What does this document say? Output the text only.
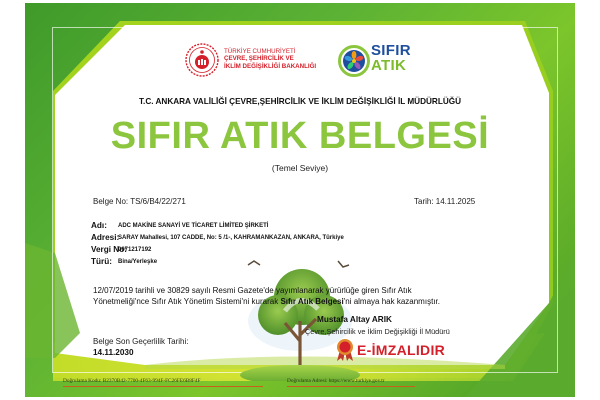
TÜRKİYE CUMHURİYETİ
ÇEVRE, ŞEHİRCİLİK VE
İKLİM DEĞİŞİKLİĞİ BAKANLIĞI
SIFIR
ATIK
T.C. ANKARA VALİLİĞİ ÇEVRE,ŞEHİRCİLİK VE İKLİM DEĞİŞİKLİĞİ İL MÜDÜRLÜĞÜ
SIFIR ATIK BELGESİ
(Temel Seviye)
Belge No: TS/6/B4/22/271	Tarih: 14.11.2025
Adı: ADC MAKİNE SANAYİ VE TİCARET LİMİTED ŞİRKETİ
Adresi:
SARAY Mahallesi, 107 CADDE, No: 5 /1-, KAHRAMANKAZAN, ANKARA, Türkiye
Vergi No:
0071217192
Türü: Bina/Yerleşke
12/07/2019 tarihli ve 30829 sayılı Resmi Gazete'de yayımlanarak yürürlüğe giren Sıfır Atık
Yönetmeliği'nce Sıfır Atık Yönetim Sistemi'ni kurarak Sıfır Atık Belgesi'ni almaya hak kazanmıştır.
Mustafa Altay ARIK
Çevre,Şehircilik ve İklim Değişikliği İl Müdürü
E-İMZALIDIR
Belge Son Geçerlilik Tarihi:
14.11.2030
Doğrulama Kodu: B2370B42-7700-4F63-994F-FC26FE6B8F4F	Doğrulama Adresi: https://www.turkiye.gov.tr
